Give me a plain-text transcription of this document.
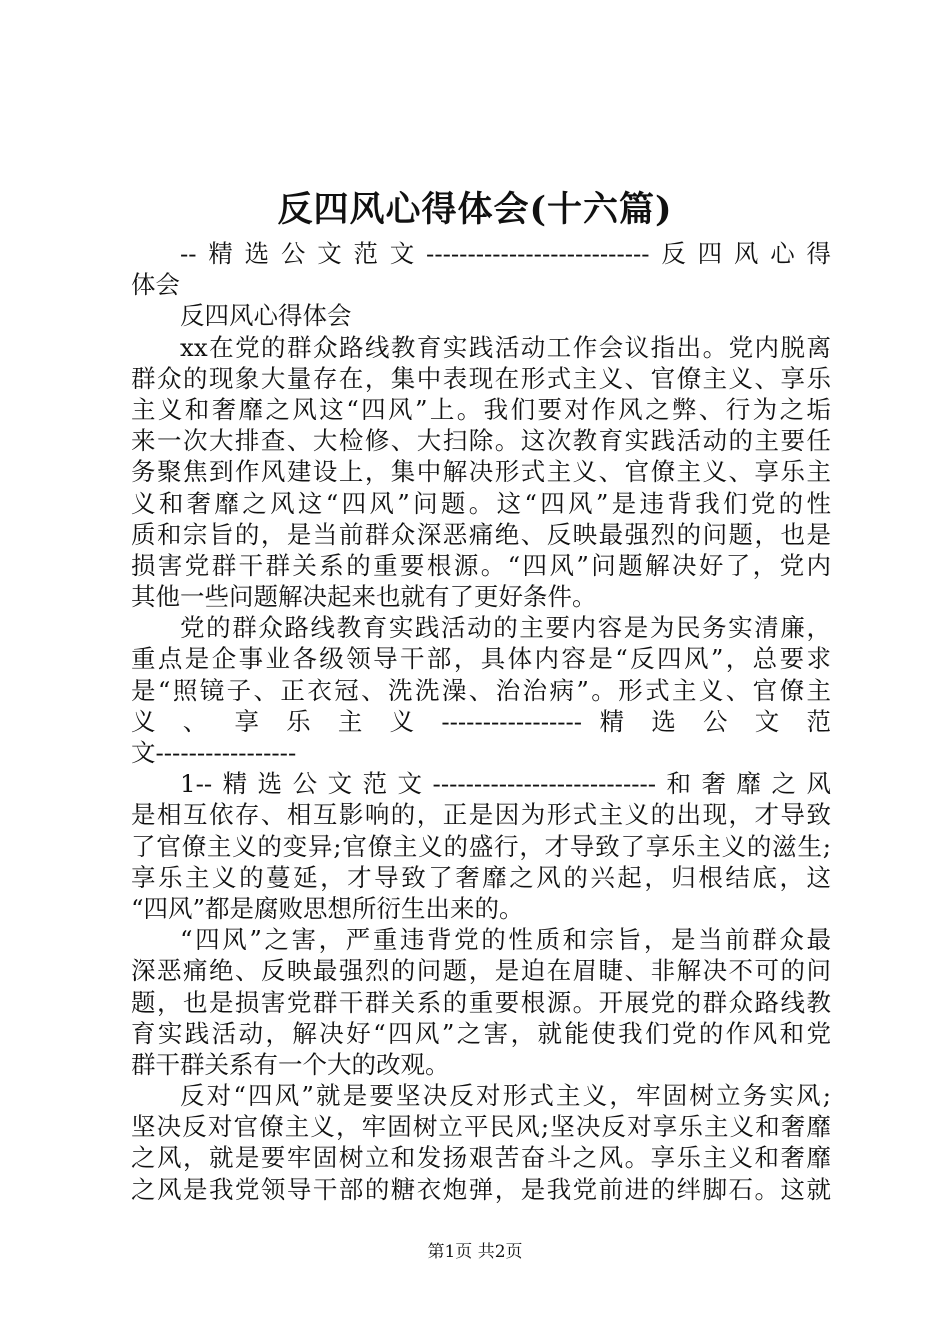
反四风心得体会(十六篇)
--精选公文范文---------------------------反四风心得
体会
反四风心得体会
xx在党的群众路线教育实践活动工作会议指出。党内脱离
群众的现象大量存在，集中表现在形式主义、官僚主义、享乐
主义和奢靡之风这“四风”上。我们要对作风之弊、行为之垢
来一次大排查、大检修、大扫除。这次教育实践活动的主要任
务聚焦到作风建设上，集中解决形式主义、官僚主义、享乐主
义和奢靡之风这“四风”问题。这“四风”是违背我们党的性
质和宗旨的，是当前群众深恶痛绝、反映最强烈的问题，也是
损害党群干群关系的重要根源。“四风”问题解决好了，党内
其他一些问题解决起来也就有了更好条件。
党的群众路线教育实践活动的主要内容是为民务实清廉，
重点是企事业各级领导干部，具体内容是“反四风”，总要求
是“照镜子、正衣冠、洗洗澡、治治病”。形式主义、官僚主
义 、 享 乐 主 义 ----------------- 精 选 公 文 范
文-----------------
1--精选公文范文---------------------------和奢靡之风
是相互依存、相互影响的，正是因为形式主义的出现，才导致
了官僚主义的变异;官僚主义的盛行，才导致了享乐主义的滋生;
享乐主义的蔓延，才导致了奢靡之风的兴起，归根结底，这
“四风”都是腐败思想所衍生出来的。
“四风”之害，严重违背党的性质和宗旨，是当前群众最
深恶痛绝、反映最强烈的问题，是迫在眉睫、非解决不可的问
题，也是损害党群干群关系的重要根源。开展党的群众路线教
育实践活动，解决好“四风”之害，就能使我们党的作风和党
群干群关系有一个大的改观。
反对“四风”就是要坚决反对形式主义，牢固树立务实风;
坚决反对官僚主义，牢固树立平民风;坚决反对享乐主义和奢靡
之风，就是要牢固树立和发扬艰苦奋斗之风。享乐主义和奢靡
之风是我党领导干部的糖衣炮弹，是我党前进的绊脚石。这就
第1页 共2页
